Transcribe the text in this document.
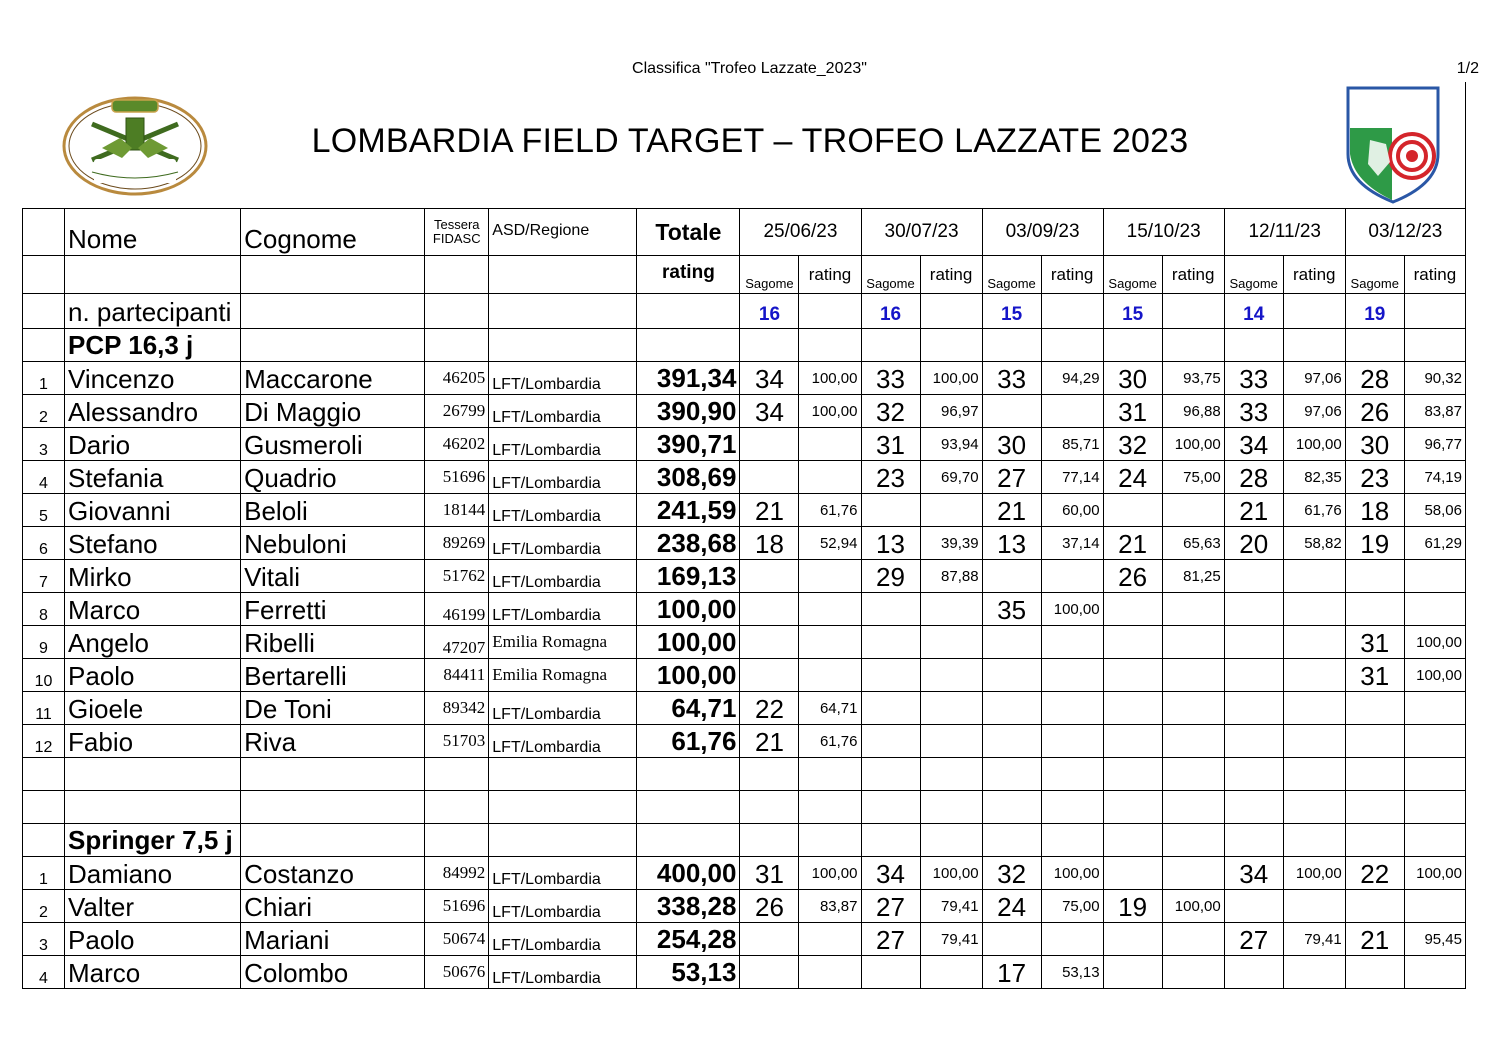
Classifica "Trofeo Lazzate_2023"	1/2
LOMBARDIA FIELD TARGET – TROFEO LAZZATE 2023
	Nome	Cognome	Tessera
FIDASC	ASD/Regione	Totale	25/06/23		30/07/23		03/09/23		15/10/23		12/11/23		03/12/23	
					rating	Sagome	rating	Sagome	rating	Sagome	rating	Sagome	rating	Sagome	rating	Sagome	rating
	n. partecipanti					16		16		15		15		14		19	
	PCP 16,3 j																
1	Vincenzo	Maccarone	46205	LFT/Lombardia	391,34	34	100,00	33	100,00	33	94,29	30	93,75	33	97,06	28	90,32
2	Alessandro	Di Maggio	26799	LFT/Lombardia	390,90	34	100,00	32	96,97			31	96,88	33	97,06	26	83,87
3	Dario	Gusmeroli	46202	LFT/Lombardia	390,71			31	93,94	30	85,71	32	100,00	34	100,00	30	96,77
4	Stefania	Quadrio	51696	LFT/Lombardia	308,69			23	69,70	27	77,14	24	75,00	28	82,35	23	74,19
5	Giovanni	Beloli	18144	LFT/Lombardia	241,59	21	61,76			21	60,00			21	61,76	18	58,06
6	Stefano	Nebuloni	89269	LFT/Lombardia	238,68	18	52,94	13	39,39	13	37,14	21	65,63	20	58,82	19	61,29
7	Mirko	Vitali	51762	LFT/Lombardia	169,13			29	87,88			26	81,25				
8	Marco	Ferretti	46199	LFT/Lombardia	100,00					35	100,00						
9	Angelo	Ribelli	47207	Emilia Romagna	100,00											31	100,00
10	Paolo	Bertarelli	84411	Emilia Romagna	100,00											31	100,00
11	Gioele	De Toni	89342	LFT/Lombardia	64,71	22	64,71										
12	Fabio	Riva	51703	LFT/Lombardia	61,76	21	61,76										

	Springer 7,5 j																
1	Damiano	Costanzo	84992	LFT/Lombardia	400,00	31	100,00	34	100,00	32	100,00			34	100,00	22	100,00
2	Valter	Chiari	51696	LFT/Lombardia	338,28	26	83,87	27	79,41	24	75,00	19	100,00				
3	Paolo	Mariani	50674	LFT/Lombardia	254,28			27	79,41					27	79,41	21	95,45
4	Marco	Colombo	50676	LFT/Lombardia	53,13					17	53,13						
